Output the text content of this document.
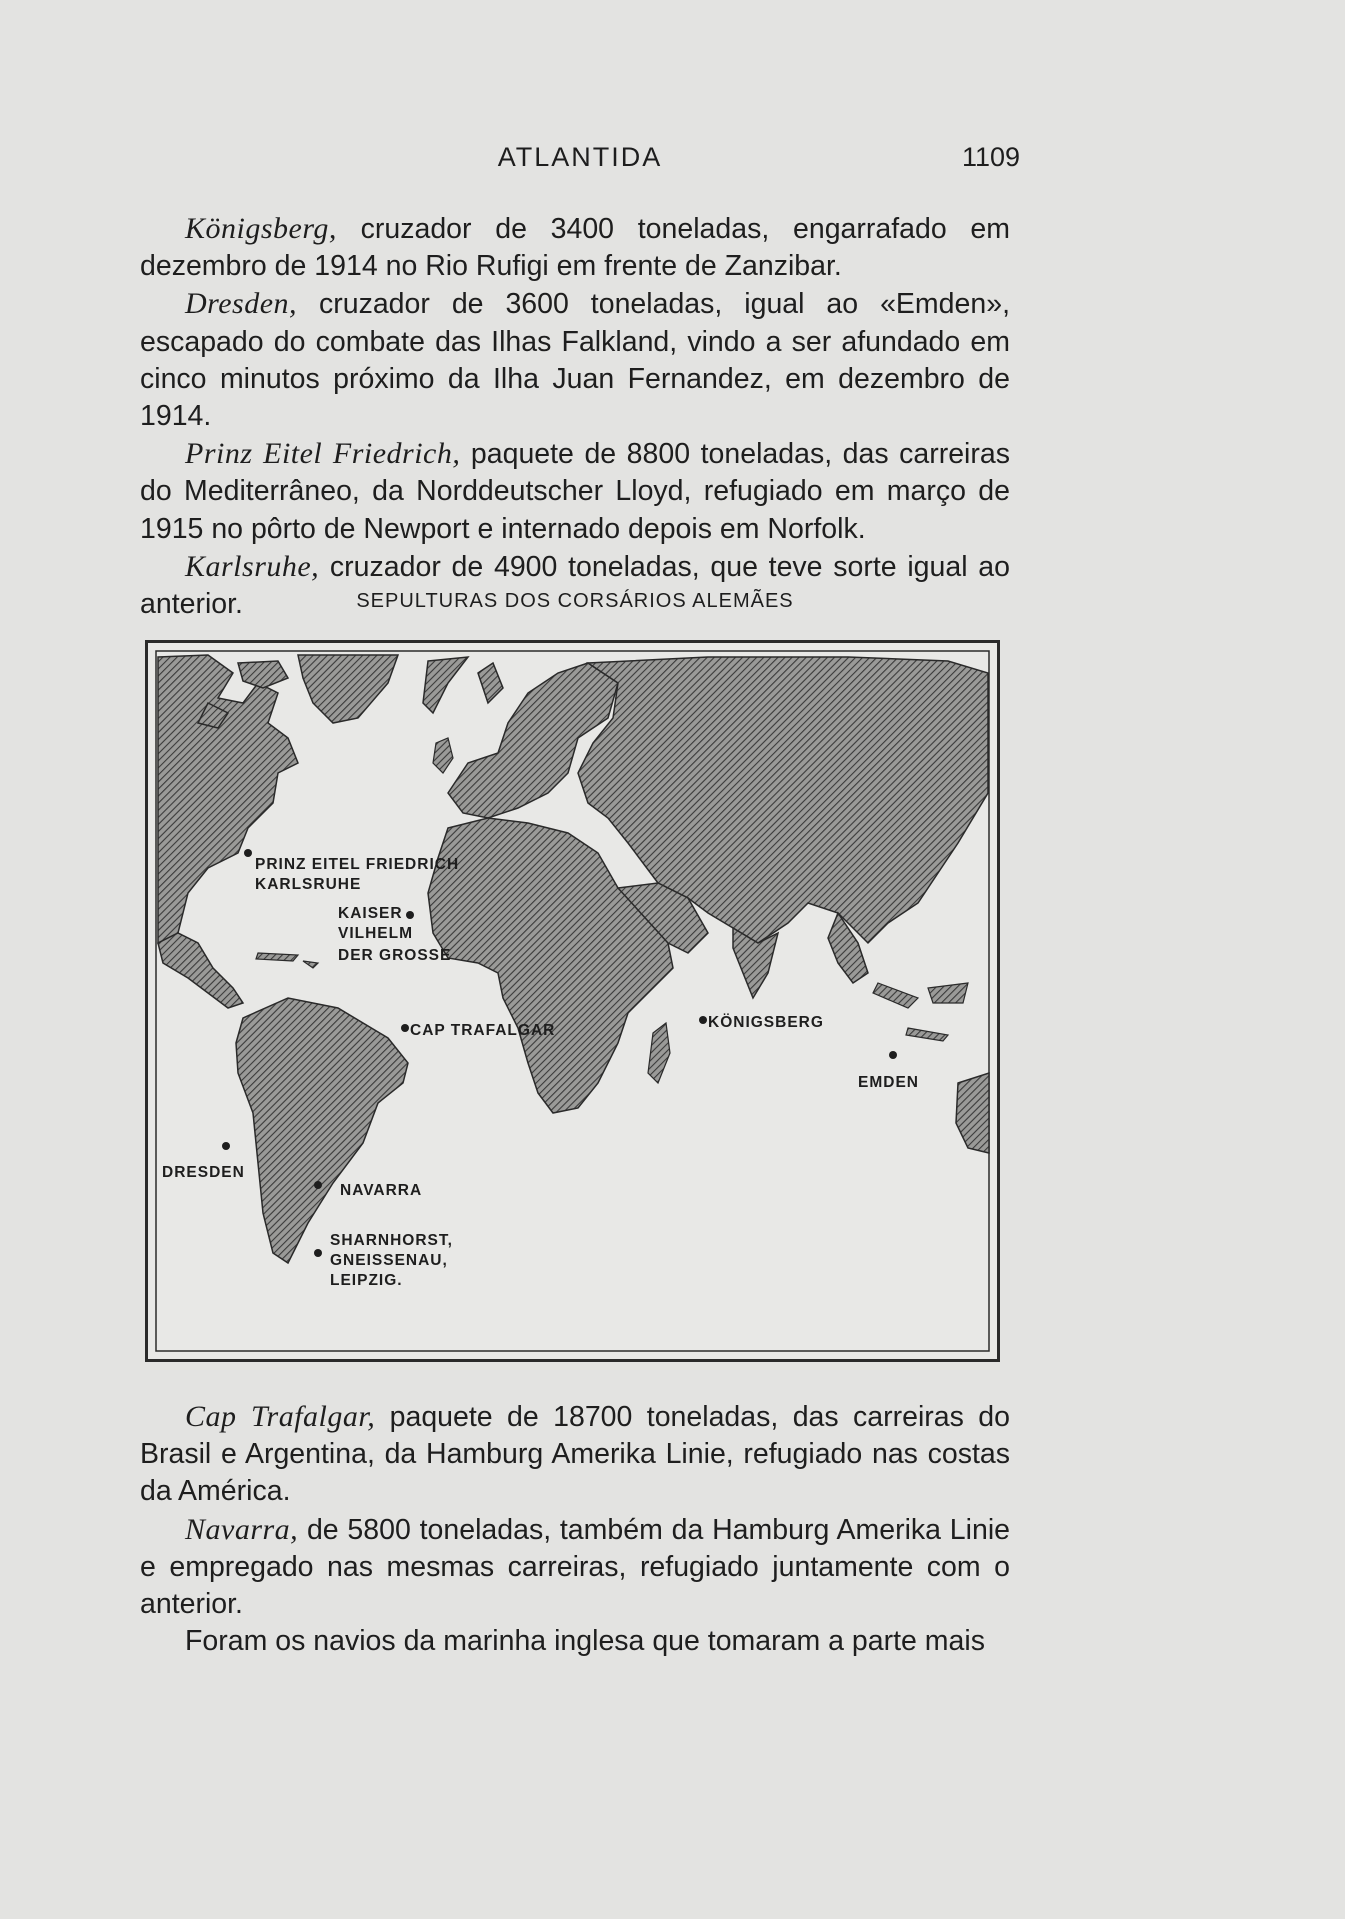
ATLANTIDA	1109

Königsberg, cruzador de 3400 toneladas, engarrafado em dezembro de 1914 no Rio Rufigi em frente de Zanzibar.

Dresden, cruzador de 3600 toneladas, igual ao «Emden», escapado do combate das Ilhas Falkland, vindo a ser afundado em cinco minutos próximo da Ilha Juan Fernandez, em dezembro de 1914.

Prinz Eitel Friedrich, paquete de 8800 toneladas, das carreiras do Mediterrâneo, da Norddeutscher Lloyd, refugiado em março de 1915 no pôrto de Newport e internado depois em Norfolk.

Karlsruhe, cruzador de 4900 toneladas, que teve sorte igual ao anterior.	SEPULTURAS DOS CORSÁRIOS ALEMÃES
PRINZ EITEL FRIEDRICH
KARLSRUHE
KAISER
VILHELM
DER GROSSE
CAP TRAFALGAR	KÖNIGSBERG
EMDEN
DRESDEN
NAVARRA
SHARNHORST,
GNEISSENAU,
LEIPZIG.

Cap Trafalgar, paquete de 18700 toneladas, das carreiras do Brasil e Argentina, da Hamburg Amerika Linie, refugiado nas costas da América.

Navarra, de 5800 toneladas, também da Hamburg Amerika Linie e empregado nas mesmas carreiras, refugiado juntamente com o anterior.

Foram os navios da marinha inglesa que tomaram a parte mais
